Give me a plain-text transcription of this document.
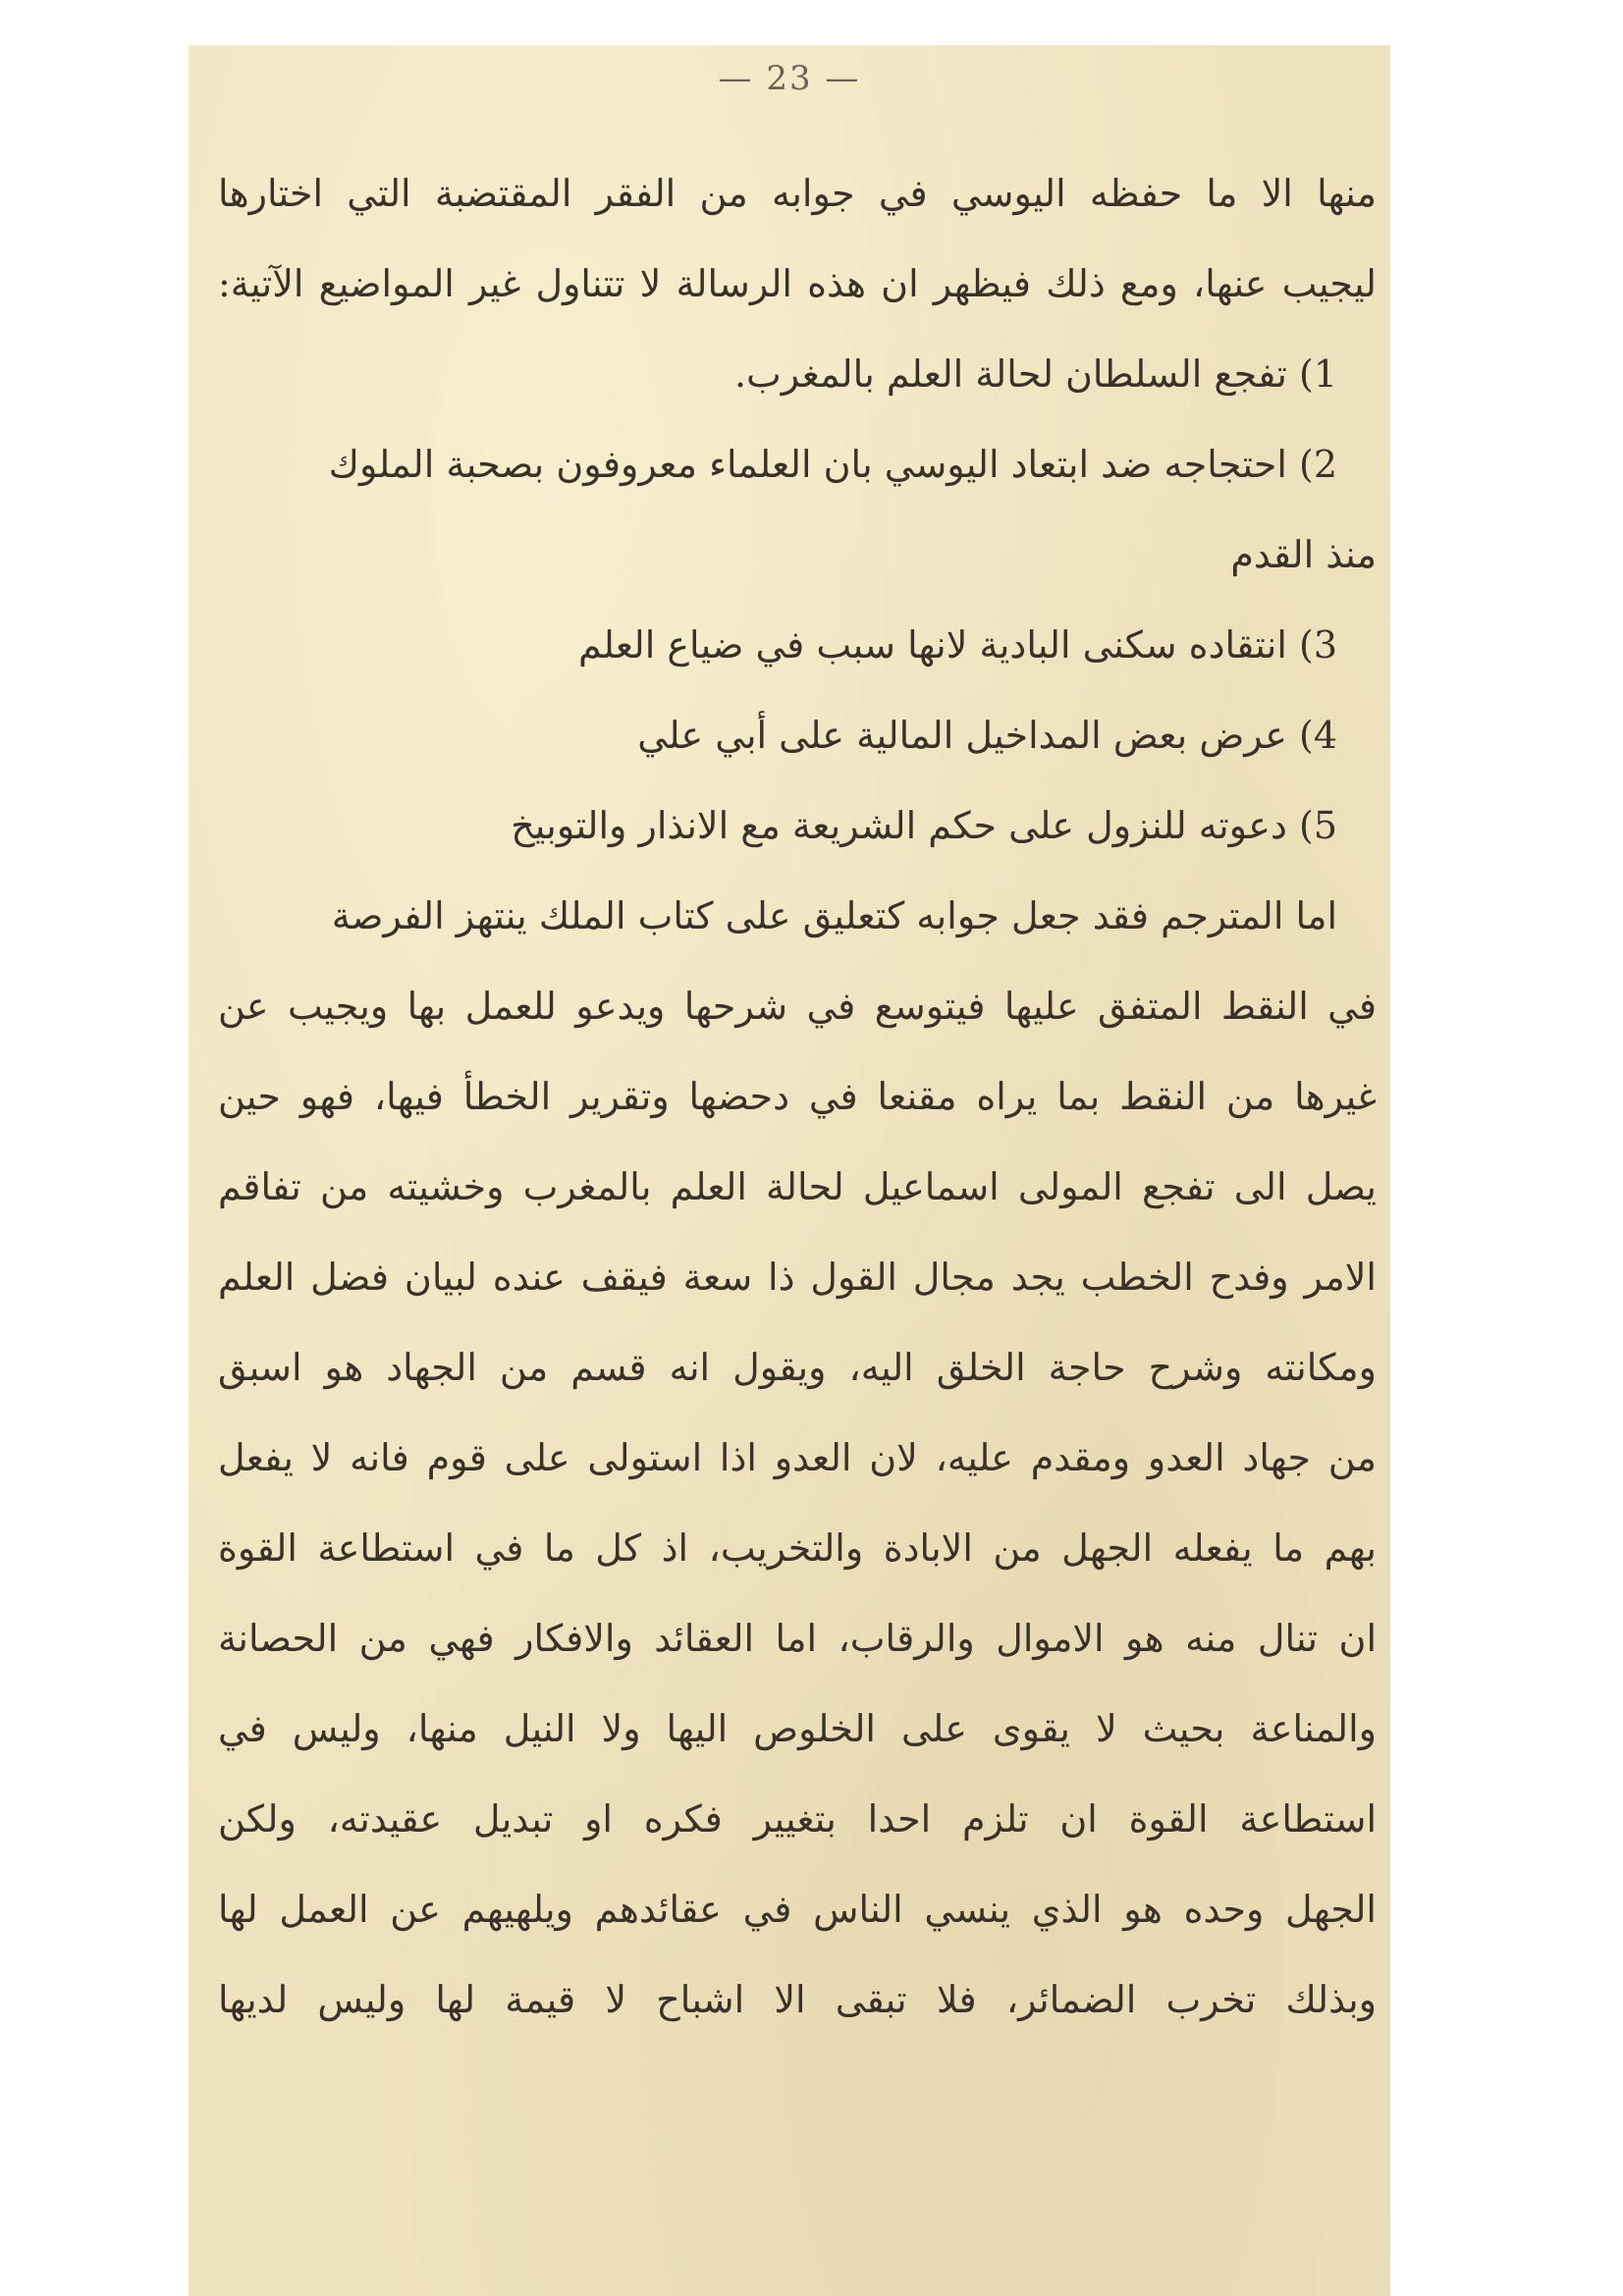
— 23 —
منها الا ما حفظه اليوسي في جوابه من الفقر المقتضبة التي اختارها
ليجيب عنها، ومع ذلك فيظهر ان هذه الرسالة لا تتناول غير المواضيع الآتية:
1) تفجع السلطان لحالة العلم بالمغرب.
2) احتجاجه ضد ابتعاد اليوسي بان العلماء معروفون بصحبة الملوك
منذ القدم
3) انتقاده سكنى البادية لانها سبب في ضياع العلم
4) عرض بعض المداخيل المالية على أبي علي
5) دعوته للنزول على حكم الشريعة مع الانذار والتوبيخ
اما المترجم فقد جعل جوابه كتعليق على كتاب الملك ينتهز الفرصة
في النقط المتفق عليها فيتوسع في شرحها ويدعو للعمل بها ويجيب عن
غيرها من النقط بما يراه مقنعا في دحضها وتقرير الخطأ فيها، فهو حين
يصل الى تفجع المولى اسماعيل لحالة العلم بالمغرب وخشيته من تفاقم
الامر وفدح الخطب يجد مجال القول ذا سعة فيقف عنده لبيان فضل العلم
ومكانته وشرح حاجة الخلق اليه، ويقول انه قسم من الجهاد هو اسبق
من جهاد العدو ومقدم عليه، لان العدو اذا استولى على قوم فانه لا يفعل
بهم ما يفعله الجهل من الابادة والتخريب، اذ كل ما في استطاعة القوة
ان تنال منه هو الاموال والرقاب، اما العقائد والافكار فهي من الحصانة
والمناعة بحيث لا يقوى على الخلوص اليها ولا النيل منها، وليس في
استطاعة القوة ان تلزم احدا بتغيير فكره او تبديل عقيدته، ولكن
الجهل وحده هو الذي ينسي الناس في عقائدهم ويلهيهم عن العمل لها
وبذلك تخرب الضمائر، فلا تبقى الا اشباح لا قيمة لها وليس لديها
